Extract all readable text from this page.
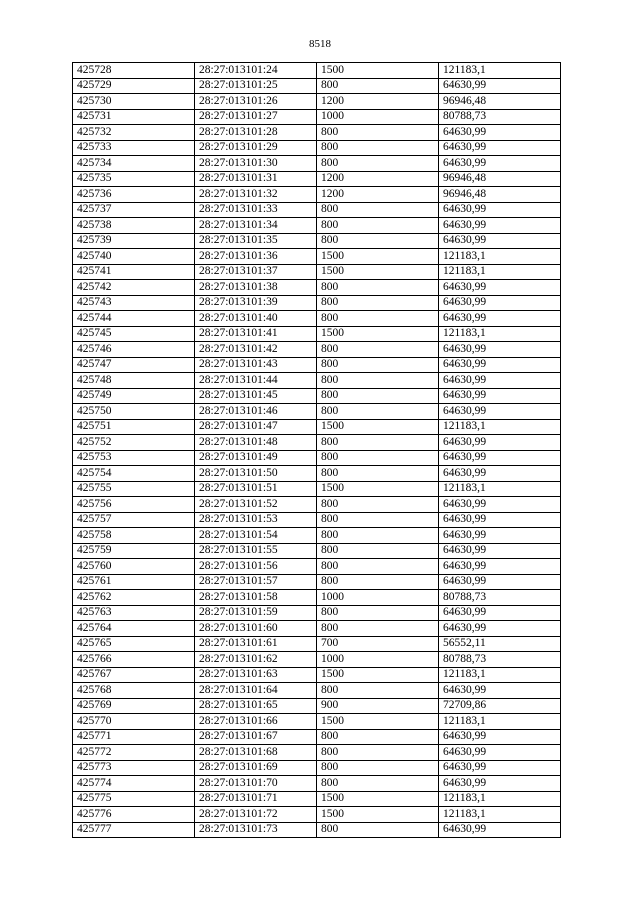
8518
425728	28:27:013101:24	1500	121183,1
425729	28:27:013101:25	800	64630,99
425730	28:27:013101:26	1200	96946,48
425731	28:27:013101:27	1000	80788,73
425732	28:27:013101:28	800	64630,99
425733	28:27:013101:29	800	64630,99
425734	28:27:013101:30	800	64630,99
425735	28:27:013101:31	1200	96946,48
425736	28:27:013101:32	1200	96946,48
425737	28:27:013101:33	800	64630,99
425738	28:27:013101:34	800	64630,99
425739	28:27:013101:35	800	64630,99
425740	28:27:013101:36	1500	121183,1
425741	28:27:013101:37	1500	121183,1
425742	28:27:013101:38	800	64630,99
425743	28:27:013101:39	800	64630,99
425744	28:27:013101:40	800	64630,99
425745	28:27:013101:41	1500	121183,1
425746	28:27:013101:42	800	64630,99
425747	28:27:013101:43	800	64630,99
425748	28:27:013101:44	800	64630,99
425749	28:27:013101:45	800	64630,99
425750	28:27:013101:46	800	64630,99
425751	28:27:013101:47	1500	121183,1
425752	28:27:013101:48	800	64630,99
425753	28:27:013101:49	800	64630,99
425754	28:27:013101:50	800	64630,99
425755	28:27:013101:51	1500	121183,1
425756	28:27:013101:52	800	64630,99
425757	28:27:013101:53	800	64630,99
425758	28:27:013101:54	800	64630,99
425759	28:27:013101:55	800	64630,99
425760	28:27:013101:56	800	64630,99
425761	28:27:013101:57	800	64630,99
425762	28:27:013101:58	1000	80788,73
425763	28:27:013101:59	800	64630,99
425764	28:27:013101:60	800	64630,99
425765	28:27:013101:61	700	56552,11
425766	28:27:013101:62	1000	80788,73
425767	28:27:013101:63	1500	121183,1
425768	28:27:013101:64	800	64630,99
425769	28:27:013101:65	900	72709,86
425770	28:27:013101:66	1500	121183,1
425771	28:27:013101:67	800	64630,99
425772	28:27:013101:68	800	64630,99
425773	28:27:013101:69	800	64630,99
425774	28:27:013101:70	800	64630,99
425775	28:27:013101:71	1500	121183,1
425776	28:27:013101:72	1500	121183,1
425777	28:27:013101:73	800	64630,99
